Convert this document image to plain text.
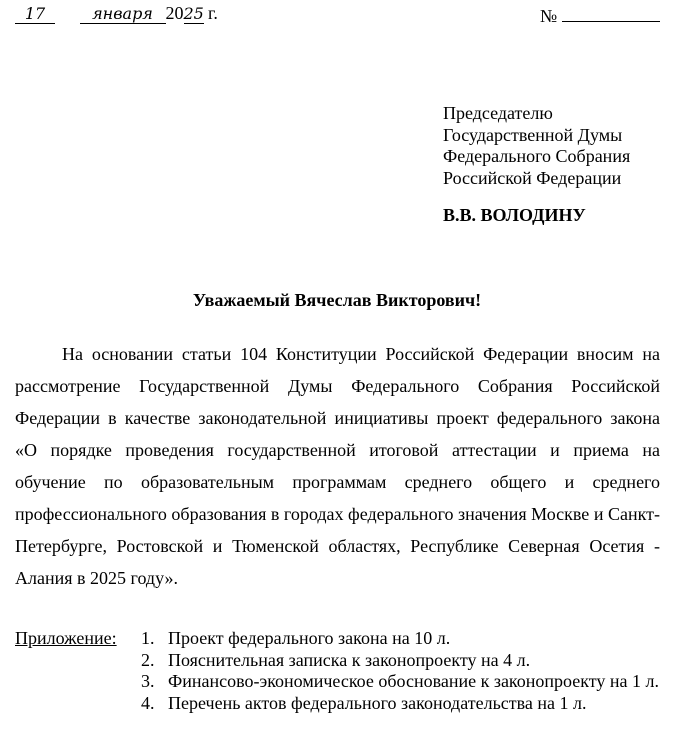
17	января 2025 г.	№
Председателю
Государственной Думы
Федерального Собрания
Российской Федерации
В.В. ВОЛОДИНУ
Уважаемый Вячеслав Викторович!
На основании статьи 104 Конституции Российской Федерации вносим на рассмотрение Государственной Думы Федерального Собрания Российской Федерации в качестве законодательной инициативы проект федерального закона «О порядке проведения государственной итоговой аттестации и приема на обучение по образовательным программам среднего общего и среднего профессионального образования в городах федерального значения Москве и Санкт-Петербурге, Ростовской и Тюменской областях, Республике Северная Осетия - Алания в 2025 году».
Приложение: 1. Проект федерального закона на 10 л.
2. Пояснительная записка к законопроекту на 4 л.
3. Финансово-экономическое обоснование к законопроекту на 1 л.
4. Перечень актов федерального законодательства на 1 л.
